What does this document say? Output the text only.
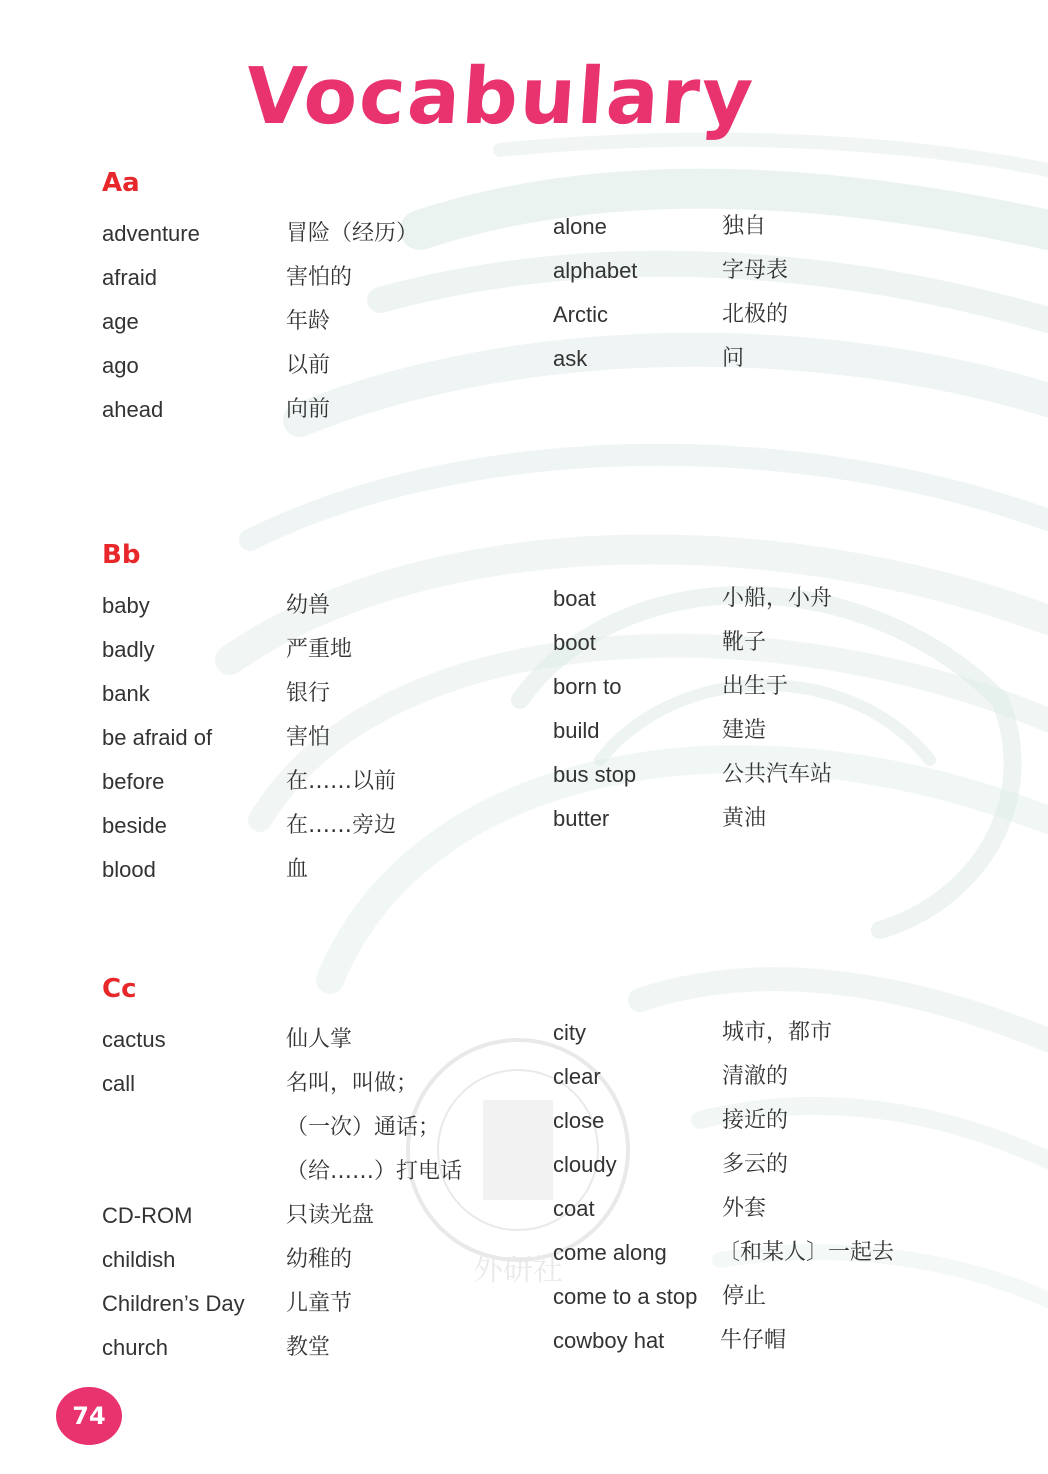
外研社
Vocabulary
Aa
adventure	冒险（经历）
afraid	害怕的
age	年龄
ago	以前
ahead	向前
alone	独自
alphabet	字母表
Arctic	北极的
ask	问
Bb
baby	幼兽
badly	严重地
bank	银行
be afraid of	害怕
before	在……以前
beside	在……旁边
blood	血
boat	小船，小舟
boot	靴子
born to	出生于
build	建造
bus stop	公共汽车站
butter	黄油
Cc
cactus	仙人掌
call	名叫，叫做；
（一次）通话；
（给……）打电话
CD-ROM	只读光盘
childish	幼稚的
Children’s Day 儿童节
church	教堂
city	城市，都市
clear	清澈的
close	接近的
cloudy	多云的
coat	外套
come along 〔和某人〕一起去
come to a stop 停止
cowboy hat	牛仔帽
74
